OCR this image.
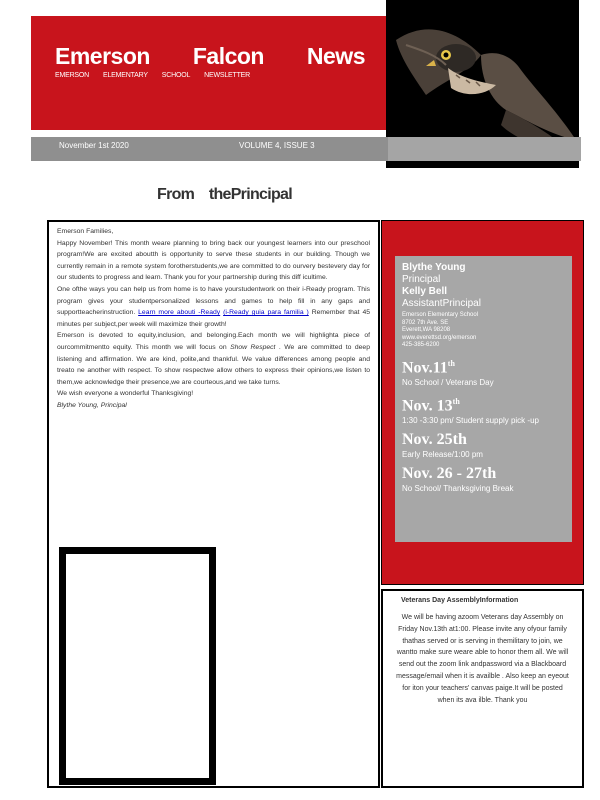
Emerson Falcon News
EMERSON ELEMENTARY SCHOOL NEWSLETTER
November 1st 2020	VOLUME 4, ISSUE 3
From thePrincipal

Emerson Families,

Happy November! This month weare planning to bring back our youngest learners into our preschool program!We are excited aboutth is opportunity to serve these students in our building. Though we currently remain in a remote system forotherstudents,we are committed to do ourvery bestevery day for our students to progress and learn. Thank you for your partnership during this diff icultime.

One ofthe ways you can help us from home is to have yourstudentwork on their i-Ready program. This program gives your studentpersonalized lessons and games to help fill in any gaps and supportteacherinstruction. Learn more abouti -Ready (i-Ready guia para familia ) Remember that 45 minutes per subject,per week will maximize their growth!

Emerson is devoted to equity,inclusion, and belonging.Each month we will highlighta piece of ourcommitmentto equity. This month we will focus on Show Respect . We are committed to deep listening and affirmation. We are kind, polite,and thankful. We value differences among people and treato ne another with respect. To show respectwe allow others to express their opinions,we listen to them,we acknowledge their presence,we are courteous,and we take turns.

We wish everyone a wonderful Thanksgiving!

Blythe Young, Principal

Blythe Young
Principal
Kelly Bell
AssistantPrincipal
Emerson Elementary School
8702 7th Ave. SE
Everett,WA 98208
www.everettsd.org/emerson
425-385-6200
Nov.11th
No School / Veterans Day
Nov. 13th
1:30 -3:30 pm/ Student supply pick -up
Nov. 25th
Early Release/1:00 pm
Nov. 26 - 27th
No School/ Thanksgiving Break
Veterans Day AssemblyInformation
We will be having azoom Veterans day Assembly on Friday Nov.13th at1:00. Please invite any ofyour family thathas served or is serving in themilitary to join, we wantto make sure weare able to honor them all. We will send out the zoom link andpassword via a Blackboard message/email when it is availble . Also keep an eyeout for iton your teachers' canvas paige.It will be posted when its ava ilble. Thank you
